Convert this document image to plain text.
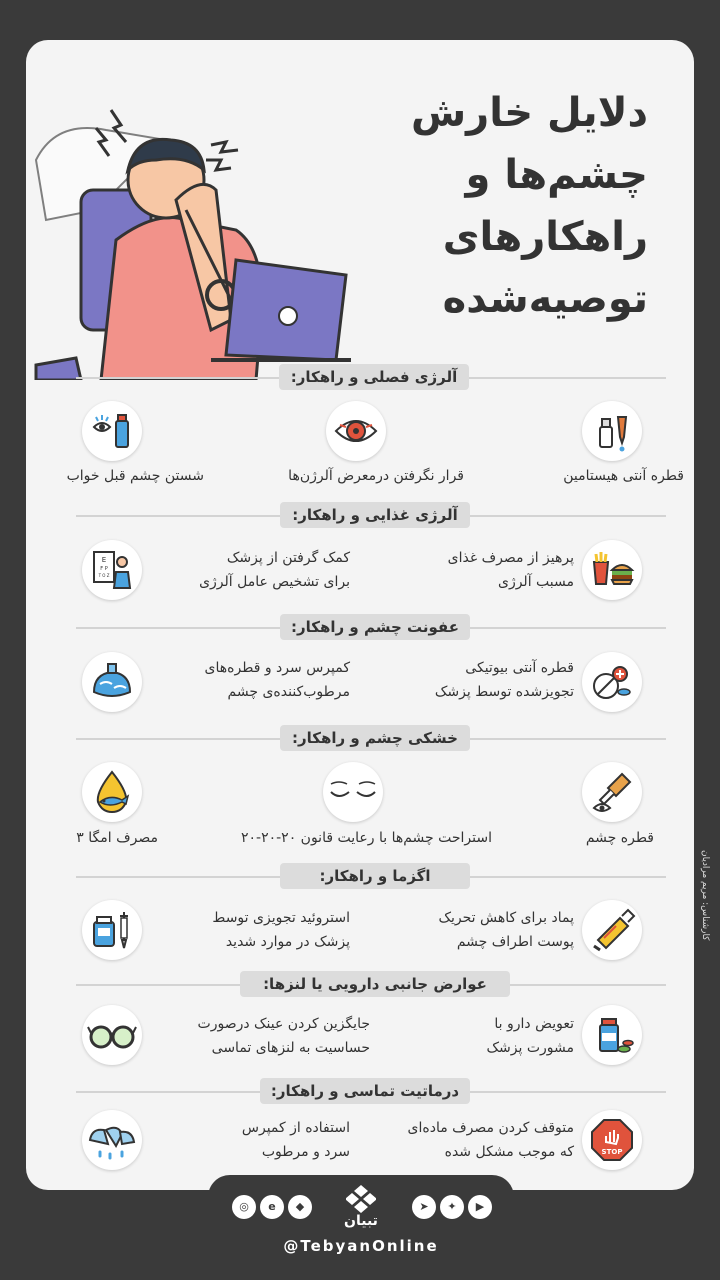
دلایل خارش
چشم‌ها و
راهکارهای
توصیه‌شده
آلرژی فصلی و راهکار:
قطره آنتی هیستامین
قرار نگرفتن درمعرض آلرژن‌ها
شستن چشم قبل خواب
آلرژی غذایی و راهکار:
E
F P
T O Z
پرهیز از مصرف غذای
مسبب آلرژی
کمک گرفتن از پزشک
برای تشخیص عامل آلرژی
عفونت چشم و راهکار:
قطره آنتی بیوتیکی
تجویزشده توسط پزشک
کمپرس سرد و قطره‌های
مرطوب‌کننده‌ی چشم
خشکی چشم و راهکار:
قطره چشم
استراحت چشم‌ها با رعایت قانون ۲۰-۲۰-۲۰
مصرف امگا ۳
اگزما و راهکار:
پماد برای کاهش تحریک
پوست اطراف چشم
استروئید تجویزی توسط
پزشک در موارد شدید
عوارض جانبی دارویی یا لنزها:
تعویض دارو با
مشورت پزشک
جایگزین کردن عینک درصورت
حساسیت به لنزهای تماسی
درماتیت تماسی و راهکار:
STOP
متوقف کردن مصرف ماده‌ای
که موجب مشکل شده
استفاده از کمپرس
سرد و مرطوب
کارشناس: مریم مرادیان
◎	e	◆
تبیان
➤	✦	▶
@TebyanOnline
